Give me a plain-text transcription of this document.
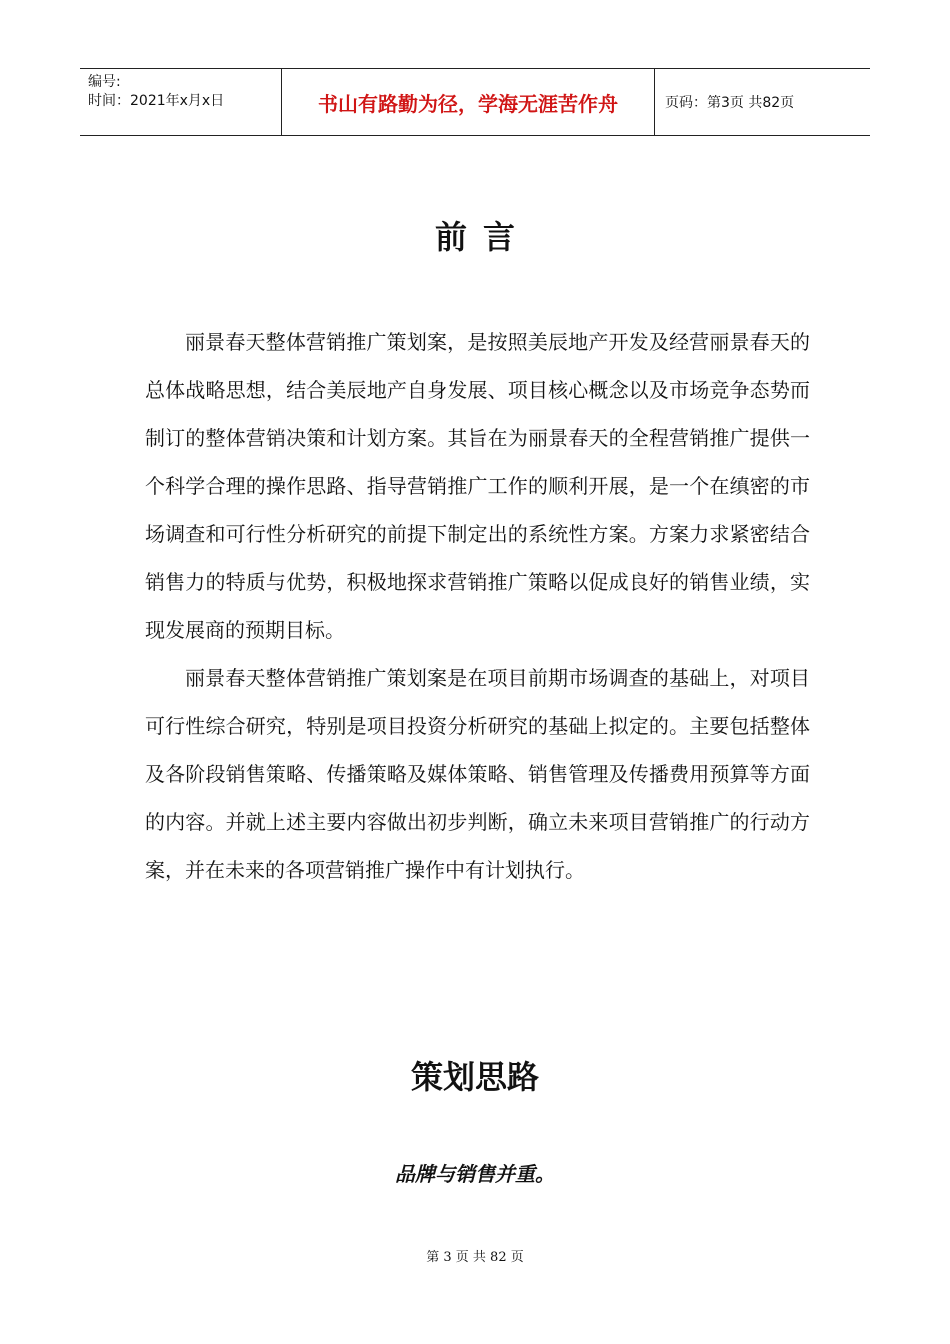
编号:
时间：2021年x月x日	书山有路勤为径，学海无涯苦作舟	页码：第3页 共82页
前言

丽景春天整体营销推广策划案，是按照美辰地产开发及经营丽景春天的总体战略思想，结合美辰地产自身发展、项目核心概念以及市场竞争态势而制订的整体营销决策和计划方案。其旨在为丽景春天的全程营销推广提供一个科学合理的操作思路、指导营销推广工作的顺利开展，是一个在缜密的市场调查和可行性分析研究的前提下制定出的系统性方案。方案力求紧密结合销售力的特质与优势，积极地探求营销推广策略以促成良好的销售业绩，实现发展商的预期目标。

丽景春天整体营销推广策划案是在项目前期市场调查的基础上，对项目可行性综合研究，特别是项目投资分析研究的基础上拟定的。主要包括整体及各阶段销售策略、传播策略及媒体策略、销售管理及传播费用预算等方面的内容。并就上述主要内容做出初步判断，确立未来项目营销推广的行动方案，并在未来的各项营销推广操作中有计划执行。

策划思路
品牌与销售并重。
第 3 页 共 82 页
